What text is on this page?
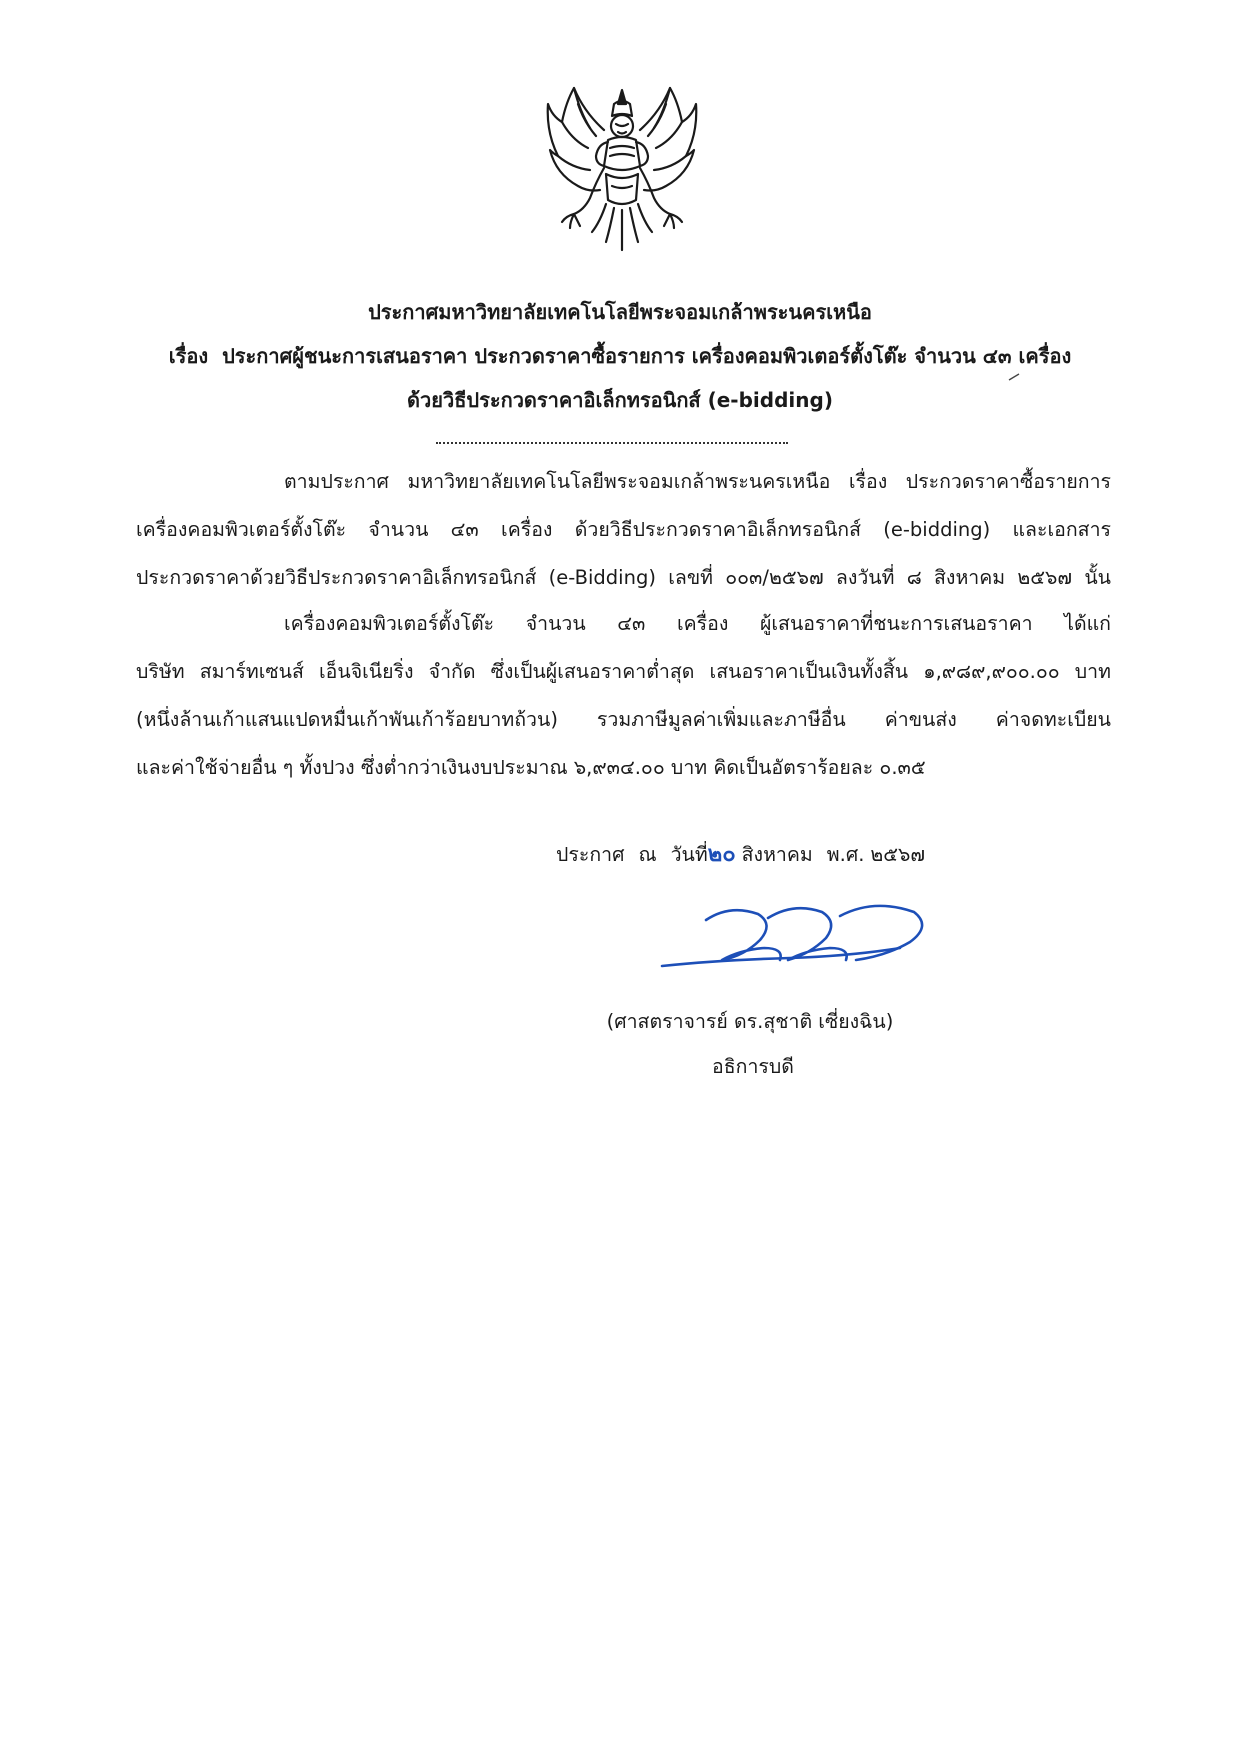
ประกาศมหาวิทยาลัยเทคโนโลยีพระจอมเกล้าพระนครเหนือ
เรื่อง ประกาศผู้ชนะการเสนอราคา ประกวดราคาซื้อรายการ เครื่องคอมพิวเตอร์ตั้งโต๊ะ จำนวน ๔๓ เครื่อง
ด้วยวิธีประกวดราคาอิเล็กทรอนิกส์ (e-bidding)
ตามประกาศ มหาวิทยาลัยเทคโนโลยีพระจอมเกล้าพระนครเหนือ เรื่อง ประกวดราคาซื้อรายการ
เครื่องคอมพิวเตอร์ตั้งโต๊ะ จำนวน ๔๓ เครื่อง ด้วยวิธีประกวดราคาอิเล็กทรอนิกส์ (e-bidding) และเอกสาร
ประกวดราคาด้วยวิธีประกวดราคาอิเล็กทรอนิกส์ (e-Bidding) เลขที่ ๐๐๓/๒๕๖๗ ลงวันที่ ๘ สิงหาคม ๒๕๖๗ นั้น
เครื่องคอมพิวเตอร์ตั้งโต๊ะ จำนวน ๔๓ เครื่อง ผู้เสนอราคาที่ชนะการเสนอราคา ได้แก่
บริษัท สมาร์ทเซนส์ เอ็นจิเนียริ่ง จำกัด ซึ่งเป็นผู้เสนอราคาต่ำสุด เสนอราคาเป็นเงินทั้งสิ้น ๑,๙๘๙,๙๐๐.๐๐ บาท
(หนึ่งล้านเก้าแสนแปดหมื่นเก้าพันเก้าร้อยบาทถ้วน) รวมภาษีมูลค่าเพิ่มและภาษีอื่น ค่าขนส่ง ค่าจดทะเบียน
และค่าใช้จ่ายอื่น ๆ ทั้งปวง ซึ่งต่ำกว่าเงินงบประมาณ ๖,๙๓๔.๐๐ บาท คิดเป็นอัตราร้อยละ ๐.๓๕
ประกาศ ณ วันที่๒๐ สิงหาคม พ.ศ. ๒๕๖๗
(ศาสตราจารย์ ดร.สุชาติ เซี่ยงฉิน)
อธิการบดี
